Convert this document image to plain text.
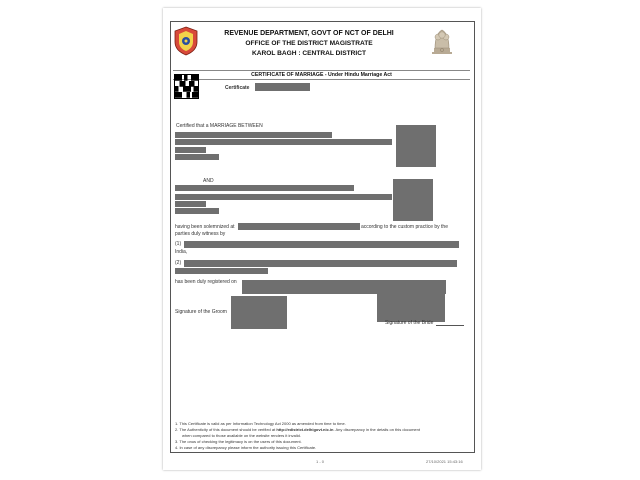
REVENUE DEPARTMENT, GOVT OF NCT OF DELHI
OFFICE OF THE DISTRICT MAGISTRATE
KAROL BAGH : CENTRAL DISTRICT
CERTIFICATE OF MARRIAGE - Under Hindu Marriage Act
Certificate
Certified that a MARRIAGE BETWEEN
AND
having been solemnized at	according to the custom practice by the
parties duly witness by
(1)
India,
(2)
has been duly registered on
Signature of the Groom
Signature of the Bride
1. This Certificate is valid as per Information Technology Act 2000 as amended from time to time.
2. The Authenticity of this document should be verified at http://edistrict.delhigovt.nic.in. Any discrepancy in the details on this document
when compared to those available on the website renders it invalid.
3. The onus of checking the legitimacy is on the users of this document.
4. In case of any discrepancy please inform the authority issuing this Certificate.
1 - 0	27/10/2021 15:43:16
